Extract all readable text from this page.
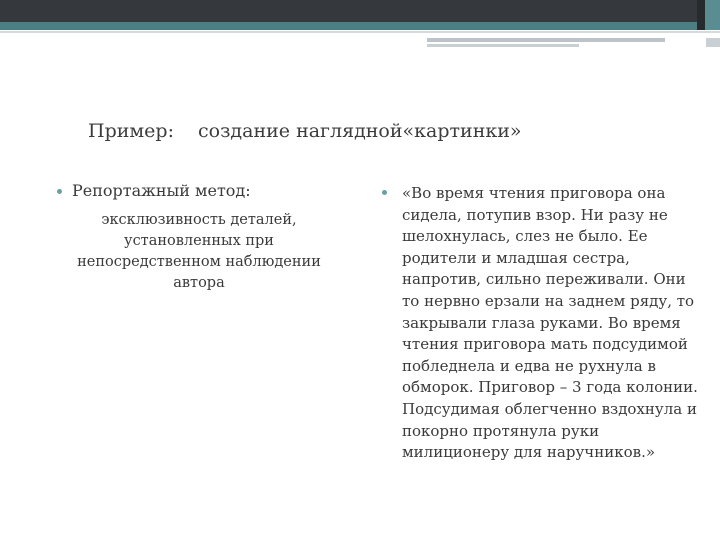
Пример: создание наглядной«картинки»

Репортажный метод:

эксклюзивность деталей, установленных при непосредственном наблюдении автора

«Во время чтения приговора она сидела, потупив взор. Ни разу не шелохнулась, слез не было. Ее родители и младшая сестра, напротив, сильно переживали. Они то нервно ерзали на заднем ряду, то закрывали глаза руками. Во время чтения приговора мать подсудимой побледнела и едва не рухнула в обморок. Приговор – 3 года колонии. Подсудимая облегченно вздохнула и покорно протянула руки милиционеру для наручников.»
